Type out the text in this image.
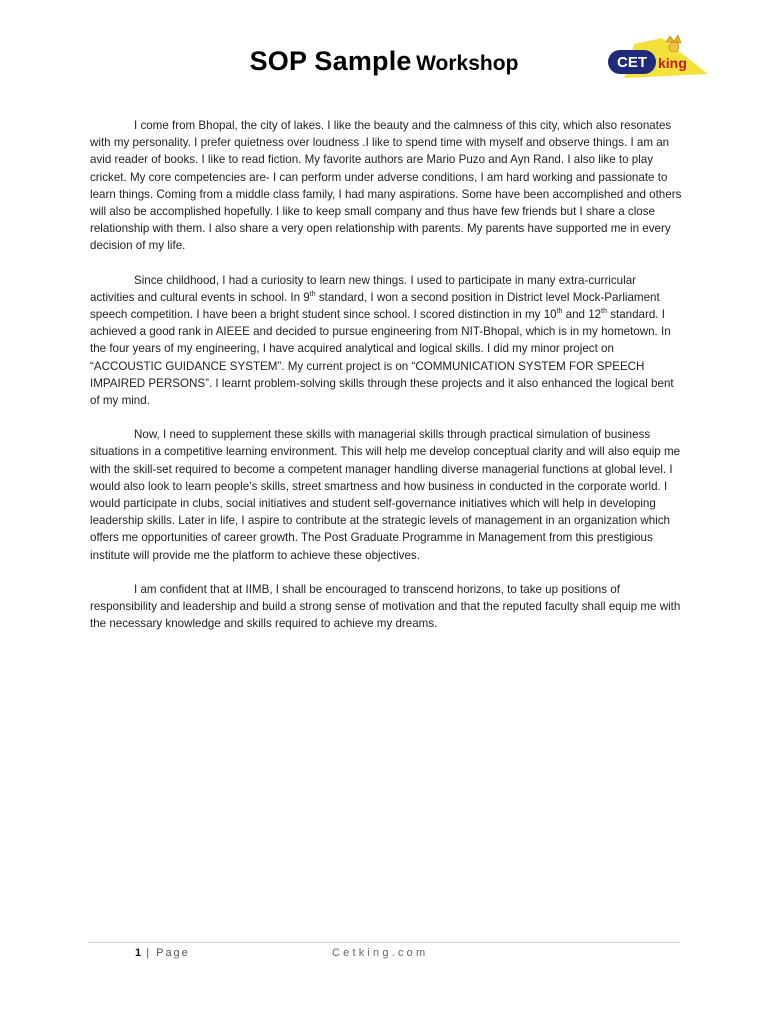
SOP Sample Workshop	CET king

I come from Bhopal, the city of lakes. I like the beauty and the calmness of this city, which also resonates with my personality. I prefer quietness over loudness .I like to spend time with myself and observe things. I am an avid reader of books. I like to read fiction. My favorite authors are Mario Puzo and Ayn Rand. I also like to play cricket. My core competencies are- I can perform under adverse conditions, I am hard working and passionate to learn things. Coming from a middle class family, I had many aspirations. Some have been accomplished and others will also be accomplished hopefully. I like to keep small company and thus have few friends but I share a close relationship with them. I also share a very open relationship with parents. My parents have supported me in every decision of my life.

Since childhood, I had a curiosity to learn new things. I used to participate in many extra-curricular activities and cultural events in school. In 9th standard, I won a second position in District level Mock-Parliament speech competition. I have been a bright student since school. I scored distinction in my 10th and 12th standard. I achieved a good rank in AIEEE and decided to pursue engineering from NIT-Bhopal, which is in my hometown. In the four years of my engineering, I have acquired analytical and logical skills. I did my minor project on “ACCOUSTIC GUIDANCE SYSTEM”. My current project is on “COMMUNICATION SYSTEM FOR SPEECH IMPAIRED PERSONS”. I learnt problem-solving skills through these projects and it also enhanced the logical bent of my mind.

Now, I need to supplement these skills with managerial skills through practical simulation of business situations in a competitive learning environment. This will help me develop conceptual clarity and will also equip me with the skill-set required to become a competent manager handling diverse managerial functions at global level. I would also look to learn people’s skills, street smartness and how business in conducted in the corporate world. I would participate in clubs, social initiatives and student self-governance initiatives which will help in developing leadership skills. Later in life, I aspire to contribute at the strategic levels of management in an organization which offers me opportunities of career growth. The Post Graduate Programme in Management from this prestigious institute will provide me the platform to achieve these objectives.

I am confident that at IIMB, I shall be encouraged to transcend horizons, to take up positions of responsibility and leadership and build a strong sense of motivation and that the reputed faculty shall equip me with the necessary knowledge and skills required to achieve my dreams.

1 | Page	Cetking.com
